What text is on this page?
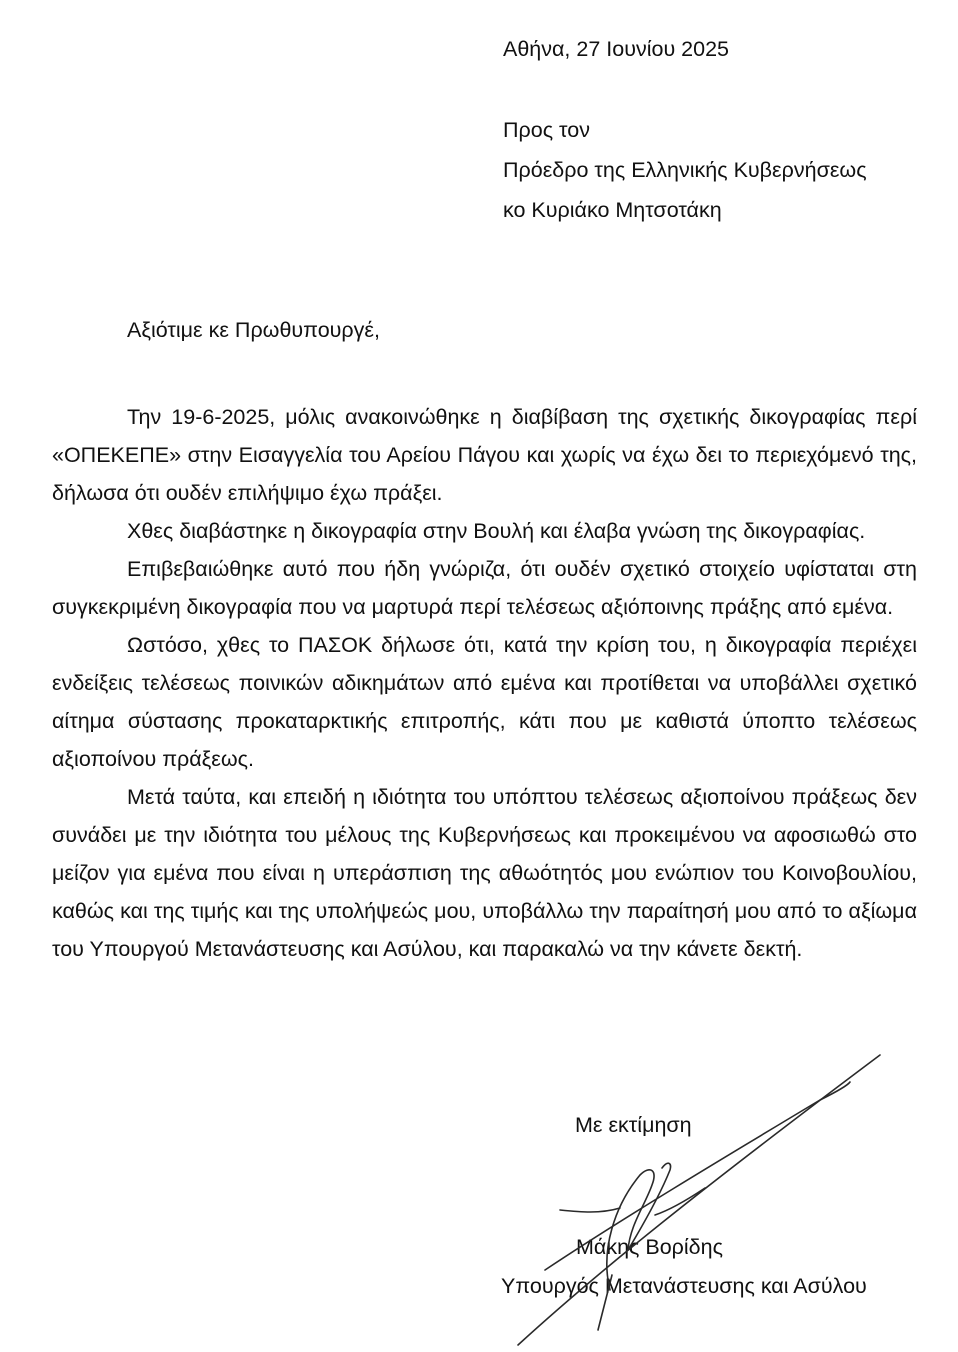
Αθήνα, 27 Ιουνίου 2025
Προς τον
Πρόεδρο της Ελληνικής Κυβερνήσεως
κο Κυριάκο Μητσοτάκη
Αξιότιμε κε Πρωθυπουργέ,

Την 19-6-2025, μόλις ανακοινώθηκε η διαβίβαση της σχετικής δικογραφίας περί «ΟΠΕΚΕΠΕ» στην Εισαγγελία του Αρείου Πάγου και χωρίς να έχω δει το περιεχόμενό της, δήλωσα ότι ουδέν επιλήψιμο έχω πράξει.

Χθες διαβάστηκε η δικογραφία στην Βουλή και έλαβα γνώση της δικογραφίας.

Επιβεβαιώθηκε αυτό που ήδη γνώριζα, ότι ουδέν σχετικό στοιχείο υφίσταται στη συγκεκριμένη δικογραφία που να μαρτυρά περί τελέσεως αξιόποινης πράξης από εμένα.

Ωστόσο, χθες το ΠΑΣΟΚ δήλωσε ότι, κατά την κρίση του, η δικογραφία περιέχει ενδείξεις τελέσεως ποινικών αδικημάτων από εμένα και προτίθεται να υποβάλλει σχετικό αίτημα σύστασης προκαταρκτικής επιτροπής, κάτι που με καθιστά ύποπτο τελέσεως αξιοποίνου πράξεως.

Μετά ταύτα, και επειδή η ιδιότητα του υπόπτου τελέσεως αξιοποίνου πράξεως δεν συνάδει με την ιδιότητα του μέλους της Κυβερνήσεως και προκειμένου να αφοσιωθώ στο μείζον για εμένα που είναι η υπεράσπιση της αθωότητός μου ενώπιον του Κοινοβουλίου, καθώς και της τιμής και της υπολήψεώς μου, υποβάλλω την παραίτησή μου από το αξίωμα του Υπουργού Μετανάστευσης και Ασύλου, και παρακαλώ να την κάνετε δεκτή.

Με εκτίμηση
Μάκης Βορίδης
Υπουργός Μετανάστευσης και Ασύλου
